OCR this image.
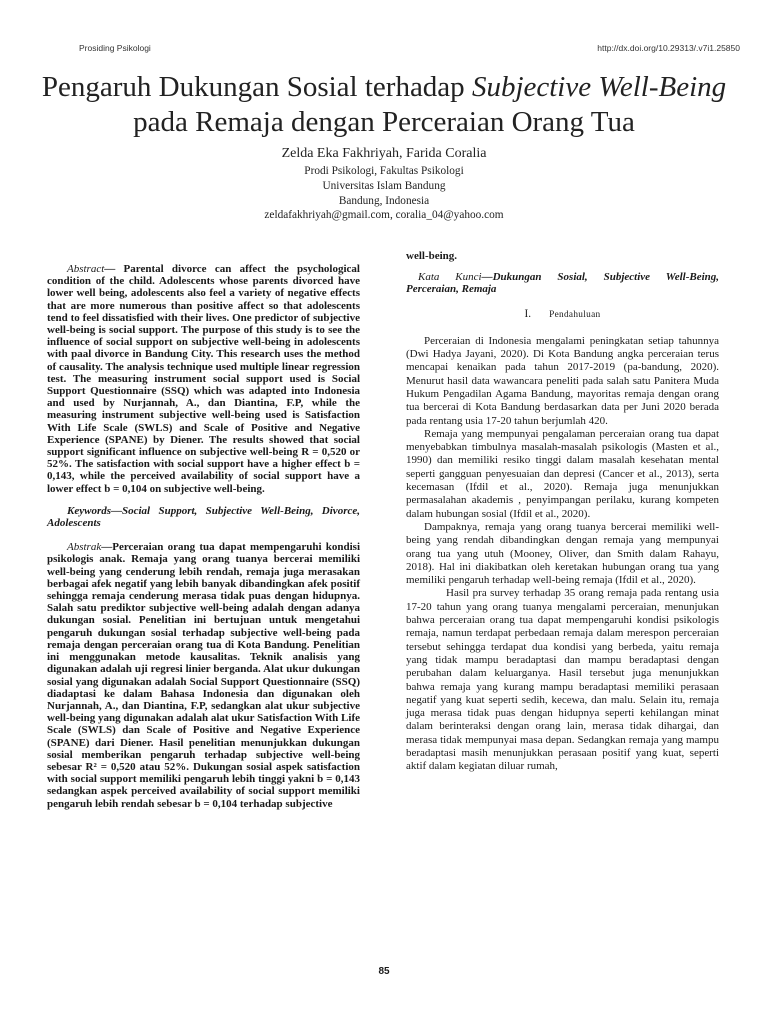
Prosiding Psikologi	http://dx.doi.org/10.29313/.v7i1.25850
Pengaruh Dukungan Sosial terhadap Subjective Well-Being pada Remaja dengan Perceraian Orang Tua
Zelda Eka Fakhriyah, Farida Coralia
Prodi Psikologi, Fakultas Psikologi
Universitas Islam Bandung
Bandung, Indonesia
zeldafakhriyah@gmail.com, coralia_04@yahoo.com

Abstract— Parental divorce can affect the psychological condition of the child. Adolescents whose parents divorced have lower well being, adolescents also feel a variety of negative effects that are more numerous than positive affect so that adolescents tend to feel dissatisfied with their lives. One predictor of subjective well-being is social support. The purpose of this study is to see the influence of social support on subjective well-being in adolescents with paal divorce in Bandung City. This research uses the method of causality. The analysis technique used multiple linear regression test. The measuring instrument social support used is Social Support Questionnaire (SSQ) which was adapted into Indonesia and used by Nurjannah, A., dan Diantina, F.P, while the measuring instrument subjective well-being used is Satisfaction With Life Scale (SWLS) and Scale of Positive and Negative Experience (SPANE) by Diener. The results showed that social support significant influence on subjective well-being R = 0,520 or 52%. The satisfaction with social support have a higher effect b = 0,143, while the perceived availability of social support have a lower effect b = 0,104 on subjective well-being.

Keywords—Social Support, Subjective Well-Being, Divorce, Adolescents

Abstrak—Perceraian orang tua dapat mempengaruhi kondisi psikologis anak. Remaja yang orang tuanya bercerai memiliki well-being yang cenderung lebih rendah, remaja juga merasakan berbagai afek negatif yang lebih banyak dibandingkan afek positif sehingga remaja cenderung merasa tidak puas dengan hidupnya. Salah satu prediktor subjective well-being adalah dengan adanya dukungan sosial. Penelitian ini bertujuan untuk mengetahui pengaruh dukungan sosial terhadap subjective well-being pada remaja dengan perceraian orang tua di Kota Bandung. Penelitian ini menggunakan metode kausalitas. Teknik analisis yang digunakan adalah uji regresi linier berganda. Alat ukur dukungan sosial yang digunakan adalah Social Support Questionnaire (SSQ) diadaptasi ke dalam Bahasa Indonesia dan digunakan oleh Nurjannah, A., dan Diantina, F.P, sedangkan alat ukur subjective well-being yang digunakan adalah alat ukur Satisfaction With Life Scale (SWLS) dan Scale of Positive and Negative Experience (SPANE) dari Diener. Hasil penelitian menunjukkan dukungan sosial memberikan pengaruh terhadap subjective well-being sebesar R² = 0,520 atau 52%. Dukungan sosial aspek satisfaction with social support memiliki pengaruh lebih tinggi yakni b = 0,143 sedangkan aspek perceived availability of social support memiliki pengaruh lebih rendah sebesar b = 0,104 terhadap subjective

well-being.

Kata Kunci—Dukungan Sosial, Subjective Well-Being, Perceraian, Remaja

I. Pendahuluan

Perceraian di Indonesia mengalami peningkatan setiap tahunnya (Dwi Hadya Jayani, 2020). Di Kota Bandung angka perceraian terus mencapai kenaikan pada tahun 2017-2019 (pa-bandung, 2020). Menurut hasil data wawancara peneliti pada salah satu Panitera Muda Hukum Pengadilan Agama Bandung, mayoritas remaja dengan orang tua bercerai di Kota Bandung berdasarkan data per Juni 2020 berada pada rentang usia 17-20 tahun berjumlah 420.

Remaja yang mempunyai pengalaman perceraian orang tua dapat menyebabkan timbulnya masalah-masalah psikologis (Masten et al., 1990) dan memiliki resiko tinggi dalam masalah kesehatan mental seperti gangguan penyesuaian dan depresi (Cancer et al., 2013), serta kecemasan (Ifdil et al., 2020). Remaja juga menunjukkan permasalahan akademis , penyimpangan perilaku, kurang kompeten dalam hubungan sosial (Ifdil et al., 2020).

Dampaknya, remaja yang orang tuanya bercerai memiliki well-being yang rendah dibandingkan dengan remaja yang mempunyai orang tua yang utuh (Mooney, Oliver, dan Smith dalam Rahayu, 2018). Hal ini diakibatkan oleh keretakan hubungan orang tua yang memiliki pengaruh terhadap well-being remaja (Ifdil et al., 2020).

Hasil pra survey terhadap 35 orang remaja pada rentang usia 17-20 tahun yang orang tuanya mengalami perceraian, menunjukan bahwa perceraian orang tua dapat mempengaruhi kondisi psikologis remaja, namun terdapat perbedaan remaja dalam merespon perceraian tersebut sehingga terdapat dua kondisi yang berbeda, yaitu remaja yang tidak mampu beradaptasi dan mampu beradaptasi dengan perubahan dalam keluarganya. Hasil tersebut juga menunjukkan bahwa remaja yang kurang mampu beradaptasi memiliki perasaan negatif yang kuat seperti sedih, kecewa, dan malu. Selain itu, remaja juga merasa tidak puas dengan hidupnya seperti kehilangan minat dalam berinteraksi dengan orang lain, merasa tidak dihargai, dan merasa tidak mempunyai masa depan. Sedangkan remaja yang mampu beradaptasi masih menunjukkan perasaan positif yang kuat, seperti aktif dalam kegiatan diluar rumah,

85
